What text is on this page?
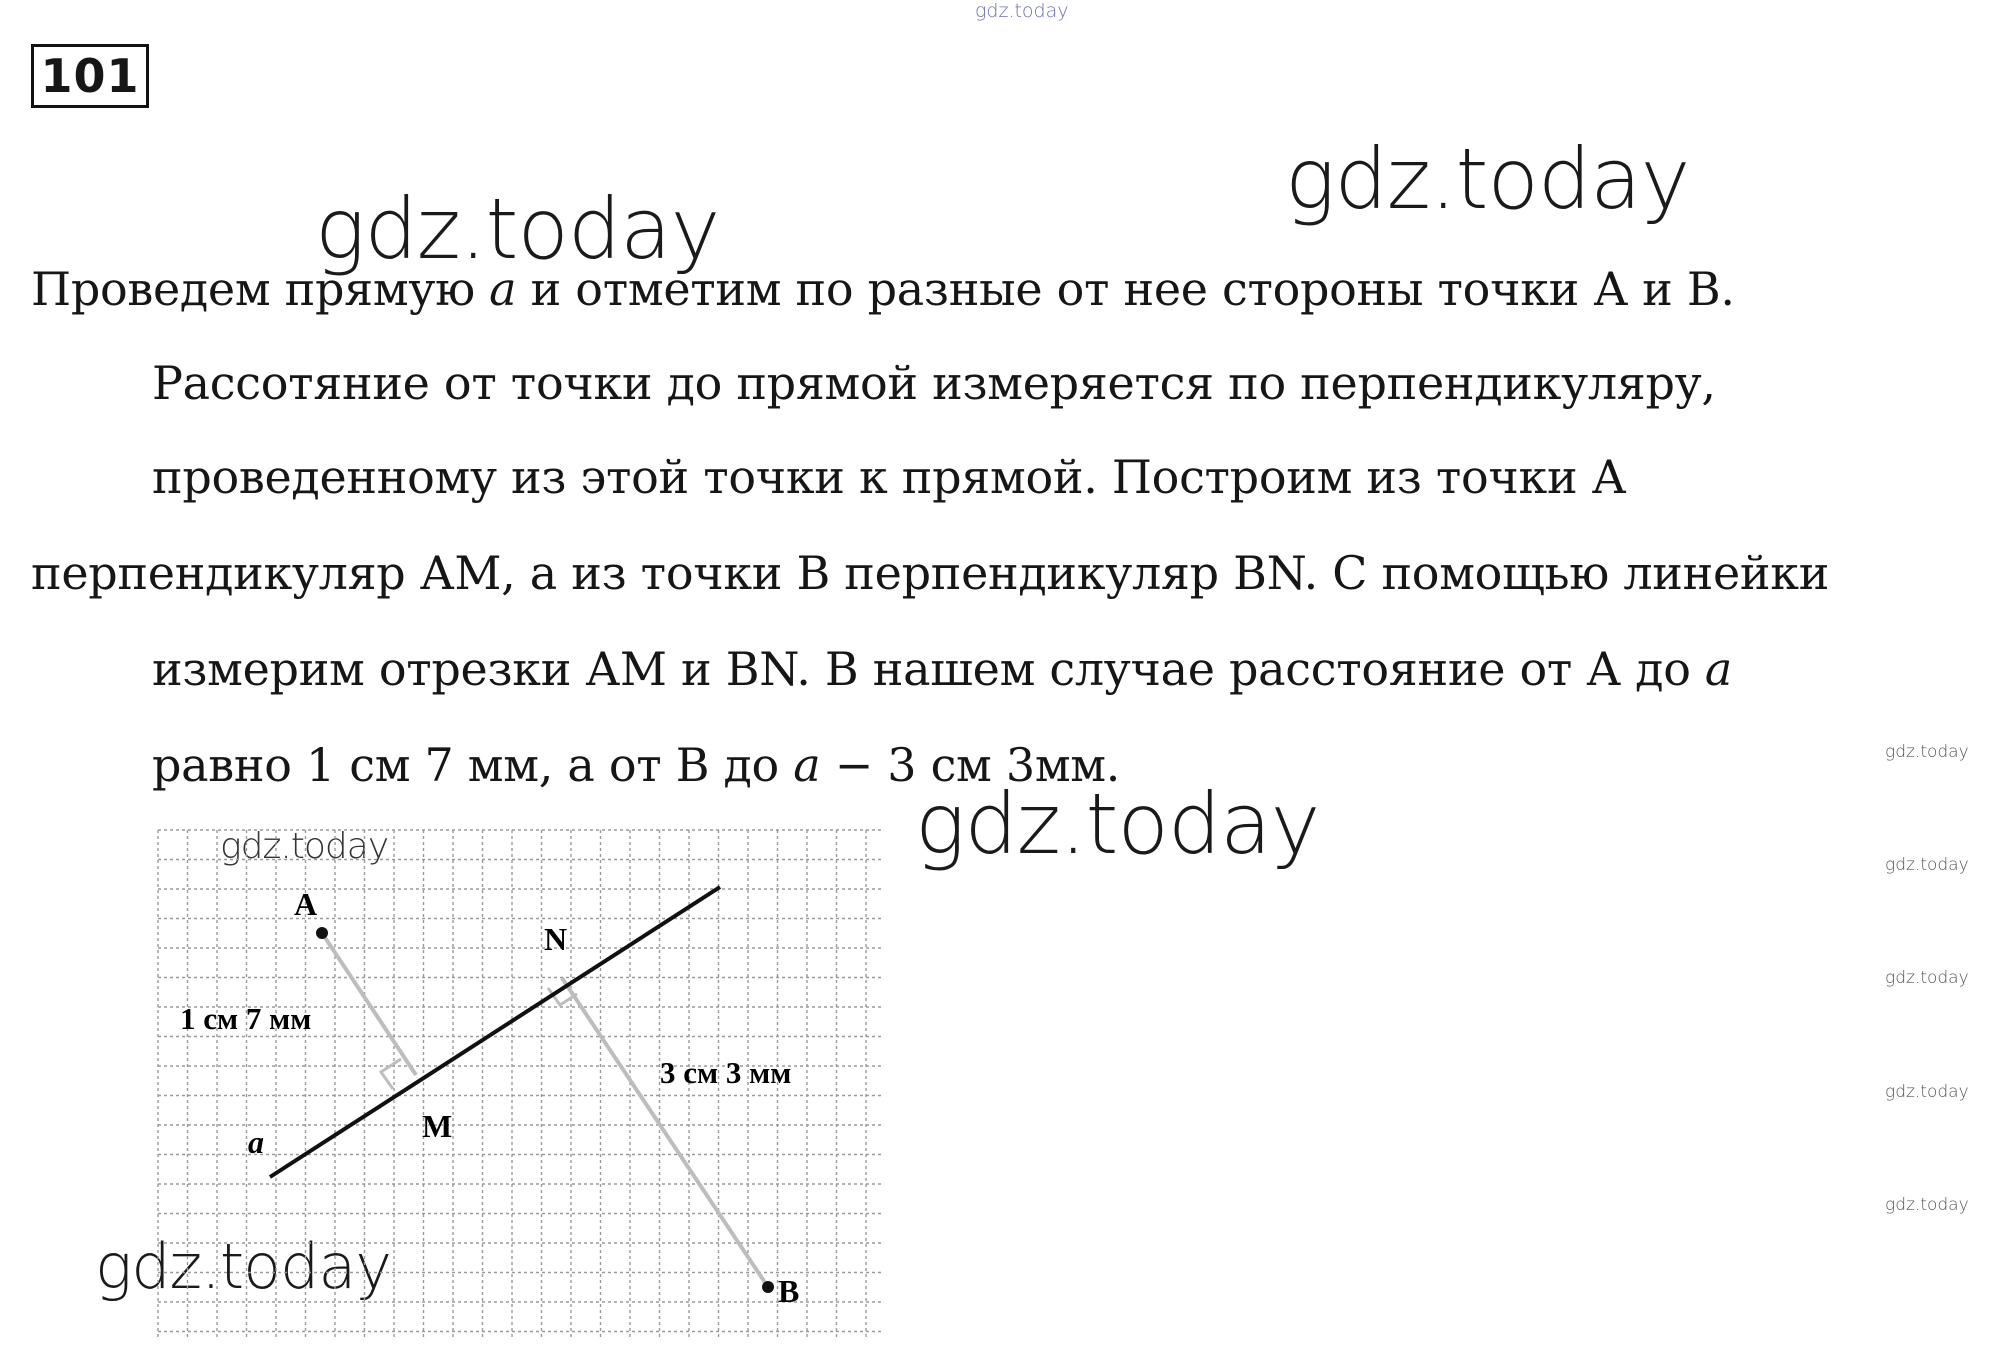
gdz.today
101
gdz.today
gdz.today
gdz.today
gdz.today
gdz.today
gdz.today
gdz.today
gdz.today
gdz.today
gdz.today
Проведем прямую a и отметим по разные от нее стороны точки А и В.
Рассотяние от точки до прямой измеряется по перпендикуляру,
проведенному из этой точки к прямой. Построим из точки А
перпендикуляр АМ, а из точки В перпендикуляр BN. С помощью линейки
измерим отрезки АМ и BN. В нашем случае расстояние от А до a
равно 1 см 7 мм, а от В до a − 3 см 3мм.
A
N
M
B
a
1 см 7 мм
3 см 3 мм
